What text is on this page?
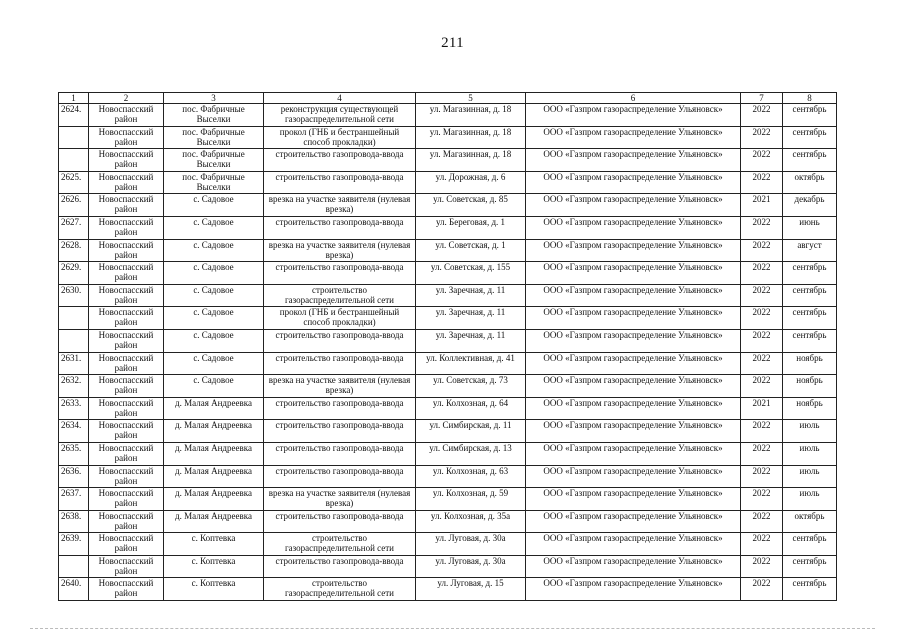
211
1	2	3	4	5	6	7	8
2624.	Новоспасский район	пос. Фабричные Выселки	реконструкция существующей газораспределительной сети	ул. Магазинная, д. 18	ООО «Газпром газораспределение Ульяновск»	2022	сентябрь
	Новоспасский район	пос. Фабричные Выселки	прокол (ГНБ и бестраншейный способ прокладки)	ул. Магазинная, д. 18	ООО «Газпром газораспределение Ульяновск»	2022	сентябрь
	Новоспасский район	пос. Фабричные Выселки	строительство газопровода-ввода	ул. Магазинная, д. 18	ООО «Газпром газораспределение Ульяновск»	2022	сентябрь
2625.	Новоспасский район	пос. Фабричные Выселки	строительство газопровода-ввода	ул. Дорожная, д. 6	ООО «Газпром газораспределение Ульяновск»	2022	октябрь
2626.	Новоспасский район	с. Садовое	врезка на участке заявителя (нулевая врезка)	ул. Советская, д. 85	ООО «Газпром газораспределение Ульяновск»	2021	декабрь
2627.	Новоспасский район	с. Садовое	строительство газопровода-ввода	ул. Береговая, д. 1	ООО «Газпром газораспределение Ульяновск»	2022	июнь
2628.	Новоспасский район	с. Садовое	врезка на участке заявителя (нулевая врезка)	ул. Советская, д. 1	ООО «Газпром газораспределение Ульяновск»	2022	август
2629.	Новоспасский район	с. Садовое	строительство газопровода-ввода	ул. Советская, д. 155	ООО «Газпром газораспределение Ульяновск»	2022	сентябрь
2630.	Новоспасский район	с. Садовое	строительство газораспределительной сети	ул. Заречная, д. 11	ООО «Газпром газораспределение Ульяновск»	2022	сентябрь
	Новоспасский район	с. Садовое	прокол (ГНБ и бестраншейный способ прокладки)	ул. Заречная, д. 11	ООО «Газпром газораспределение Ульяновск»	2022	сентябрь
	Новоспасский район	с. Садовое	строительство газопровода-ввода	ул. Заречная, д. 11	ООО «Газпром газораспределение Ульяновск»	2022	сентябрь
2631.	Новоспасский район	с. Садовое	строительство газопровода-ввода	ул. Коллективная, д. 41	ООО «Газпром газораспределение Ульяновск»	2022	ноябрь
2632.	Новоспасский район	с. Садовое	врезка на участке заявителя (нулевая врезка)	ул. Советская, д. 73	ООО «Газпром газораспределение Ульяновск»	2022	ноябрь
2633.	Новоспасский район	д. Малая Андреевка	строительство газопровода-ввода	ул. Колхозная, д. 64	ООО «Газпром газораспределение Ульяновск»	2021	ноябрь
2634.	Новоспасский район	д. Малая Андреевка	строительство газопровода-ввода	ул. Симбирская, д. 11	ООО «Газпром газораспределение Ульяновск»	2022	июль
2635.	Новоспасский район	д. Малая Андреевка	строительство газопровода-ввода	ул. Симбирская, д. 13	ООО «Газпром газораспределение Ульяновск»	2022	июль
2636.	Новоспасский район	д. Малая Андреевка	строительство газопровода-ввода	ул. Колхозная, д. 63	ООО «Газпром газораспределение Ульяновск»	2022	июль
2637.	Новоспасский район	д. Малая Андреевка	врезка на участке заявителя (нулевая врезка)	ул. Колхозная, д. 59	ООО «Газпром газораспределение Ульяновск»	2022	июль
2638.	Новоспасский район	д. Малая Андреевка	строительство газопровода-ввода	ул. Колхозная, д. 35а	ООО «Газпром газораспределение Ульяновск»	2022	октябрь
2639.	Новоспасский район	с. Коптевка	строительство газораспределительной сети	ул. Луговая, д. 30а	ООО «Газпром газораспределение Ульяновск»	2022	сентябрь
	Новоспасский район	с. Коптевка	строительство газопровода-ввода	ул. Луговая, д. 30а	ООО «Газпром газораспределение Ульяновск»	2022	сентябрь
2640.	Новоспасский район	с. Коптевка	строительство газораспределительной сети	ул. Луговая, д. 15	ООО «Газпром газораспределение Ульяновск»	2022	сентябрь
